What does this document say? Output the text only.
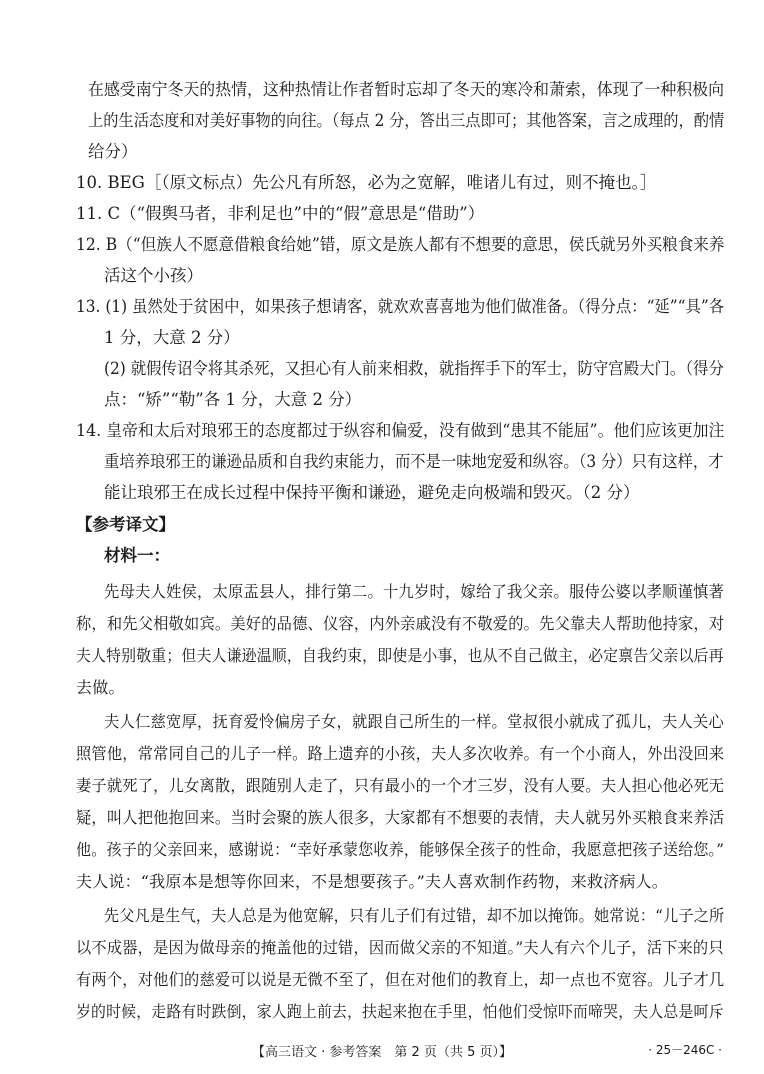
在感受南宁冬天的热情，这种热情让作者暂时忘却了冬天的寒冷和萧索，体现了一种积极向
上的生活态度和对美好事物的向往。（每点 2 分，答出三点即可；其他答案，言之成理的，酌情
给分）
10. BEG［（原文标点）先公凡有所怒，必为之宽解，唯诸儿有过，则不掩也。］
11. C（“假舆马者，非利足也”中的“假”意思是“借助”）
12. B（“但族人不愿意借粮食给她”错，原文是族人都有不想要的意思，侯氏就另外买粮食来养
活这个小孩）
13. (1) 虽然处于贫困中，如果孩子想请客，就欢欢喜喜地为他们做准备。（得分点：“延”“具”各
1 分，大意 2 分）
(2) 就假传诏令将其杀死，又担心有人前来相救，就指挥手下的军士，防守宫殿大门。（得分
点：“矫”“勒”各 1 分，大意 2 分）
14. 皇帝和太后对琅邪王的态度都过于纵容和偏爱，没有做到“患其不能屈”。他们应该更加注
重培养琅邪王的谦逊品质和自我约束能力，而不是一味地宠爱和纵容。（3 分）只有这样，才
能让琅邪王在成长过程中保持平衡和谦逊，避免走向极端和毁灭。（2 分）
【参考译文】
材料一：
先母夫人姓侯，太原盂县人，排行第二。十九岁时，嫁给了我父亲。服侍公婆以孝顺谨慎著
称，和先父相敬如宾。美好的品德、仪容，内外亲戚没有不敬爱的。先父靠夫人帮助他持家，对
夫人特别敬重；但夫人谦逊温顺，自我约束，即使是小事，也从不自己做主，必定禀告父亲以后再
去做。
夫人仁慈宽厚，抚育爱怜偏房子女，就跟自己所生的一样。堂叔很小就成了孤儿，夫人关心
照管他，常常同自己的儿子一样。路上遗弃的小孩，夫人多次收养。有一个小商人，外出没回来
妻子就死了，儿女离散，跟随别人走了，只有最小的一个才三岁，没有人要。夫人担心他必死无
疑，叫人把他抱回来。当时会聚的族人很多，大家都有不想要的表情，夫人就另外买粮食来养活
他。孩子的父亲回来，感谢说：“幸好承蒙您收养，能够保全孩子的性命，我愿意把孩子送给您。”
夫人说：“我原本是想等你回来，不是想要孩子。”夫人喜欢制作药物，来救济病人。
先父凡是生气，夫人总是为他宽解，只有儿子们有过错，却不加以掩饰。她常说：“儿子之所
以不成器，是因为做母亲的掩盖他的过错，因而做父亲的不知道。”夫人有六个儿子，活下来的只
有两个，对他们的慈爱可以说是无微不至了，但在对他们的教育上，却一点也不宽容。儿子才几
岁的时候，走路有时跌倒，家人跑上前去，扶起来抱在手里，怕他们受惊吓而啼哭，夫人总是呵斥
【高三语文 · 参考答案　第 2 页（共 5 页）】	· 25－246C ·
